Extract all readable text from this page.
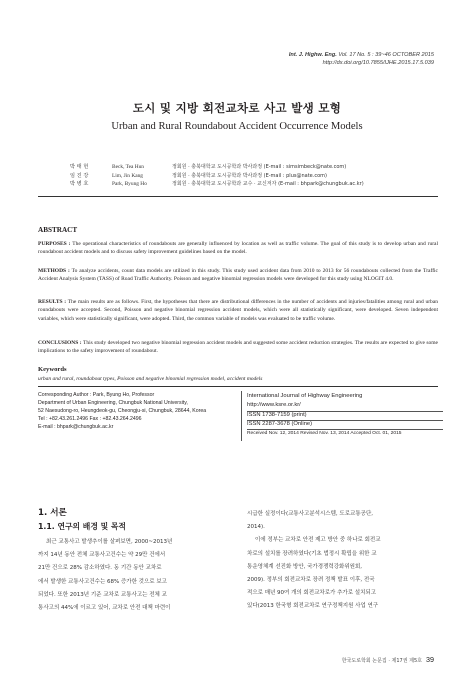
Int. J. Highw. Eng. Vol. 17 No. 5 : 39~46 OCTOBER 2015
http://dx.doi.org/10.7855/IJHE.2015.17.5.039
도시 및 지방 회전교차로 사고 발생 모형
Urban and Rural Roundabout Accident Occurrence Models
박 태 헌
임 진 강
박 병 호
Beck, Tea Hun
Lim, Jin Kang
Park, Byung Ho
정회원 · 충북대학교 도시공학과 박사과정 (E-mail : simsimbeck@nate.com)
정회원 · 충북대학교 도시공학과 박사과정 (E-mail : plus@nate.com)
정회원 · 충북대학교 도시공학과 교수 · 교신저자 (E-mail : bhpark@chungbuk.ac.kr)
ABSTRACT
PURPOSES : The operational characteristics of roundabouts are generally influenced by location as well as traffic volume. The goal of this study is to develop urban and rural roundabout accident models and to discuss safety improvement guidelines based on the model.
METHODS : To analyze accidents, count data models are utilized in this study. This study used accident data from 2010 to 2013 for 56 roundabouts collected from the Traffic Accident Analysis System (TASS) of Road Traffic Authority. Poisson and negative binomial regression models were developed for this study using NLOGIT 4.0.
RESULTS : The main results are as follows. First, the hypotheses that there are distributional differences in the number of accidents and injuries/fatalities among rural and urban roundabouts were accepted. Second, Poisson and negative binomial regression accident models, which were all statistically significant, were developed. Seven independent variables, which were statistically significant, were adopted. Third, the common variable of models was evaluated to be traffic volume.
CONCLUSIONS : This study developed two negative binomial regression accident models and suggested some accident reduction strategies. The results are expected to give some implications to the safety improvement of roundabout.
Keywords
urban and rural, roundabout types, Poisson and negative binomial regression model, accident models
Corresponding Author : Park, Byung Ho, Professor
Department of Urban Engineering, Chungbuk National University,
52 Naesudong-ro, Heungdeok-gu, Cheongju-si, Chungbuk, 28644, Korea
Tel : +82.43.261.2496 Fax : +82.43.264.2496
E-mail : bhpark@chungbuk.ac.kr
International Journal of Highway Engineering
http://www.ksre.or.kr/
ISSN 1738-7159 (print)
ISSN 2287-3678 (Online)
Received Nov. 12, 2014 Revised Nov. 13, 2014 Accepted Oct. 01, 2015
1. 서론
1.1. 연구의 배경 및 목적
최근 교통사고 발생추이를 살펴보면, 2000~2013년
까지 14년 동안 전체 교통사고건수는 약 29만 건에서
21만 건으로 28% 감소하였다. 동 기간 동안 교차로
에서 발생한 교통사고건수는 68% 증가한 것으로 보고
되었다. 또한 2013년 기준 교차로 교통사고는 전체 교
통사고의 44%에 이르고 있어, 교차로 안전 대책 마련이
시급한 실정이다(교통사고분석시스템, 도로교통공단,
2014).
이에 정부는 교차로 안전 제고 방안 중 하나로 회전교
차로의 설치를 장려하였다(기초 법정시 확립을 위한 교
통운영체계 선진화 방안, 국가경쟁력강화위원회,
2009). 정부의 회전교차로 장려 정책 발표 이후, 전국
적으로 매년 90여 개의 회전교차로가 추가로 설치되고
있다(2013 한국형 회전교차로 연구정책지원 사업 연구
한국도로학회 논문집 · 제17권 제5호 39
